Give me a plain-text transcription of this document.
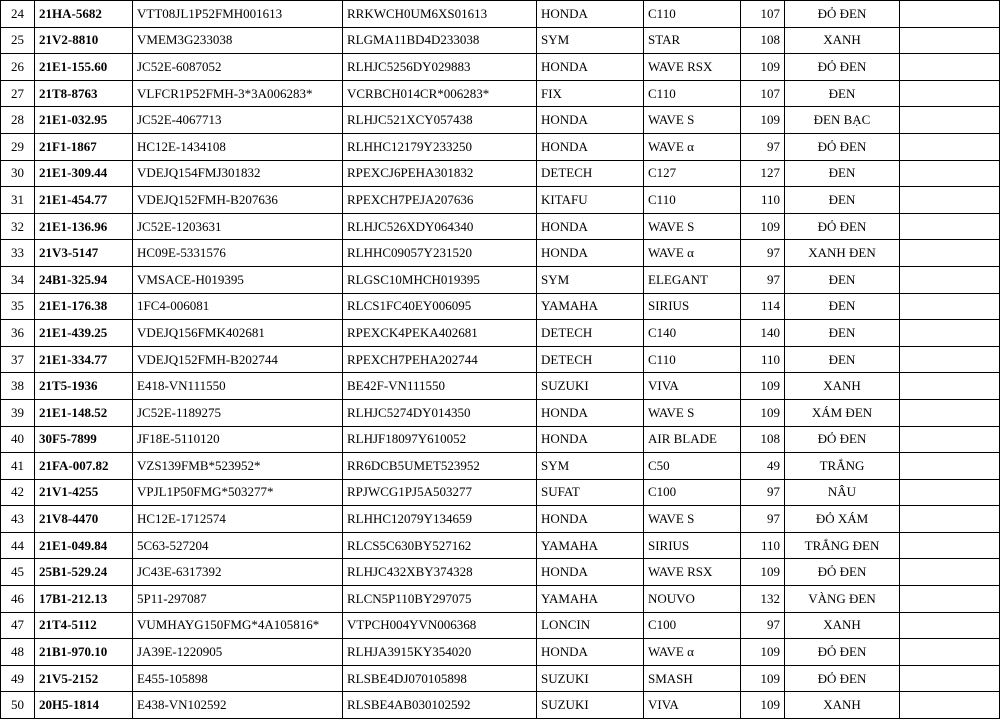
24	21HA-5682	VTT08JL1P52FMH001613	RRKWCH0UM6XS01613	HONDA	C110	107	ĐỎ ĐEN	
25	21V2-8810	VMEM3G233038	RLGMA11BD4D233038	SYM	STAR	108	XANH	
26	21E1-155.60	JC52E-6087052	RLHJC5256DY029883	HONDA	WAVE RSX	109	ĐỎ ĐEN	
27	21T8-8763	VLFCR1P52FMH-3*3A006283*	VCRBCH014CR*006283*	FIX	C110	107	ĐEN	
28	21E1-032.95	JC52E-4067713	RLHJC521XCY057438	HONDA	WAVE S	109	ĐEN BẠC	
29	21F1-1867	HC12E-1434108	RLHHC12179Y233250	HONDA	WAVE α	97	ĐỎ ĐEN	
30	21E1-309.44	VDEJQ154FMJ301832	RPEXCJ6PEHA301832	DETECH	C127	127	ĐEN	
31	21E1-454.77	VDEJQ152FMH-B207636	RPEXCH7PEJA207636	KITAFU	C110	110	ĐEN	
32	21E1-136.96	JC52E-1203631	RLHJC526XDY064340	HONDA	WAVE S	109	ĐỎ ĐEN	
33	21V3-5147	HC09E-5331576	RLHHC09057Y231520	HONDA	WAVE α	97	XANH ĐEN	
34	24B1-325.94	VMSACE-H019395	RLGSC10MHCH019395	SYM	ELEGANT	97	ĐEN	
35	21E1-176.38	1FC4-006081	RLCS1FC40EY006095	YAMAHA	SIRIUS	114	ĐEN	
36	21E1-439.25	VDEJQ156FMK402681	RPEXCK4PEKA402681	DETECH	C140	140	ĐEN	
37	21E1-334.77	VDEJQ152FMH-B202744	RPEXCH7PEHA202744	DETECH	C110	110	ĐEN	
38	21T5-1936	E418-VN111550	BE42F-VN111550	SUZUKI	VIVA	109	XANH	
39	21E1-148.52	JC52E-1189275	RLHJC5274DY014350	HONDA	WAVE S	109	XÁM ĐEN	
40	30F5-7899	JF18E-5110120	RLHJF18097Y610052	HONDA	AIR BLADE	108	ĐỎ ĐEN	
41	21FA-007.82	VZS139FMB*523952*	RR6DCB5UMET523952	SYM	C50	49	TRẮNG	
42	21V1-4255	VPJL1P50FMG*503277*	RPJWCG1PJ5A503277	SUFAT	C100	97	NÂU	
43	21V8-4470	HC12E-1712574	RLHHC12079Y134659	HONDA	WAVE S	97	ĐỎ XÁM	
44	21E1-049.84	5C63-527204	RLCS5C630BY527162	YAMAHA	SIRIUS	110	TRẮNG ĐEN	
45	25B1-529.24	JC43E-6317392	RLHJC432XBY374328	HONDA	WAVE RSX	109	ĐỎ ĐEN	
46	17B1-212.13	5P11-297087	RLCN5P110BY297075	YAMAHA	NOUVO	132	VÀNG ĐEN	
47	21T4-5112	VUMHAYG150FMG*4A105816*	VTPCH004YVN006368	LONCIN	C100	97	XANH	
48	21B1-970.10	JA39E-1220905	RLHJA3915KY354020	HONDA	WAVE α	109	ĐỎ ĐEN	
49	21V5-2152	E455-105898	RLSBE4DJ070105898	SUZUKI	SMASH	109	ĐỎ ĐEN	
50	20H5-1814	E438-VN102592	RLSBE4AB030102592	SUZUKI	VIVA	109	XANH	
